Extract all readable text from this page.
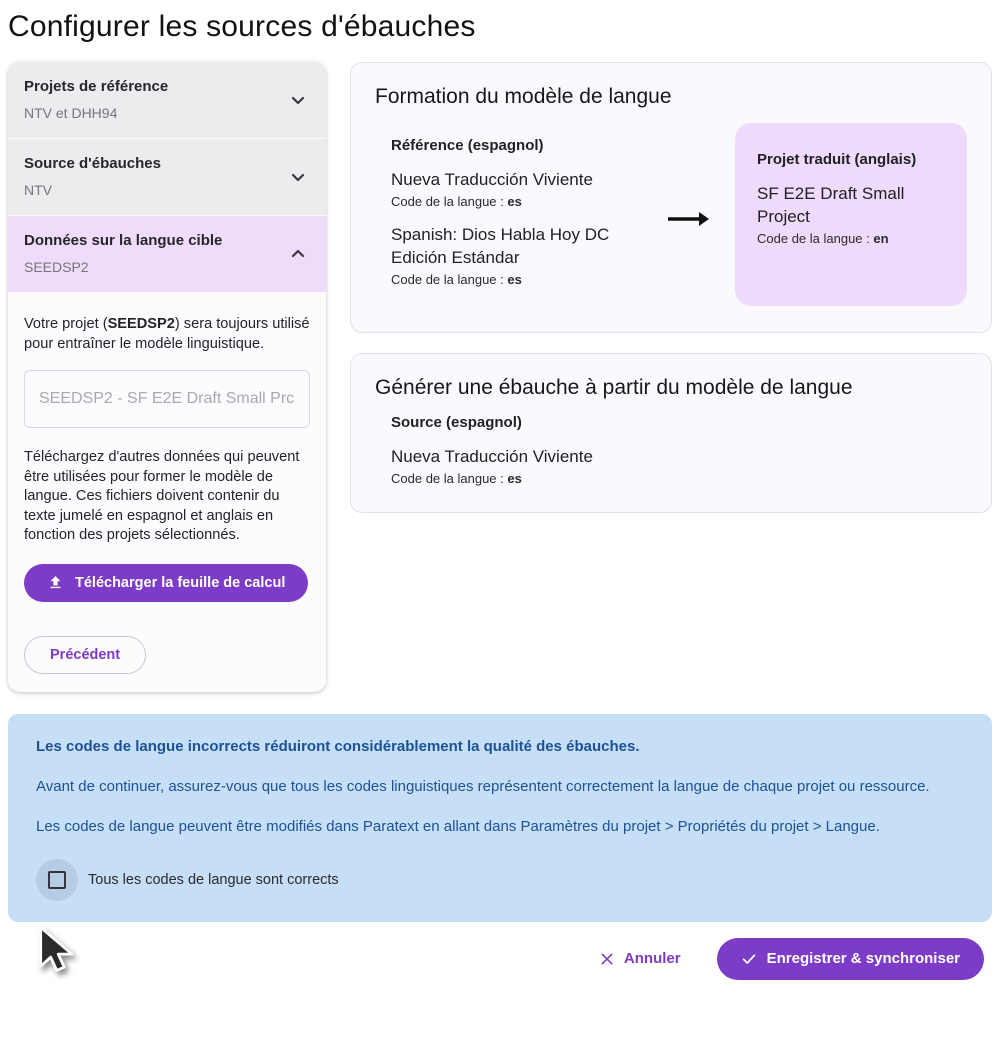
Configurer les sources d'ébauches
Projets de référence
NTV et DHH94
Source d'ébauches
NTV
Données sur la langue cible
SEEDSP2

Votre projet (SEEDSP2) sera toujours utilisé pour entraîner le modèle linguistique.

SEEDSP2 - SF E2E Draft Small Prc

Téléchargez d'autres données qui peuvent être utilisées pour former le modèle de langue. Ces fichiers doivent contenir du texte jumelé en espagnol et anglais en fonction des projets sélectionnés.

Télécharger la feuille de calcul

Précédent
Formation du modèle de langue
Référence (espagnol)
Nueva Traducción Viviente
Code de la langue : es
Spanish: Dios Habla Hoy DC Edición Estándar
Code de la langue : es
Projet traduit (anglais)
SF E2E Draft Small Project
Code de la langue : en
Générer une ébauche à partir du modèle de langue
Source (espagnol)
Nueva Traducción Viviente
Code de la langue : es

Les codes de langue incorrects réduiront considérablement la qualité des ébauches.

Avant de continuer, assurez-vous que tous les codes linguistiques représentent correctement la langue de chaque projet ou ressource.

Les codes de langue peuvent être modifiés dans Paratext en allant dans Paramètres du projet > Propriétés du projet > Langue.

Tous les codes de langue sont corrects
Annuler	Enregistrer & synchroniser
